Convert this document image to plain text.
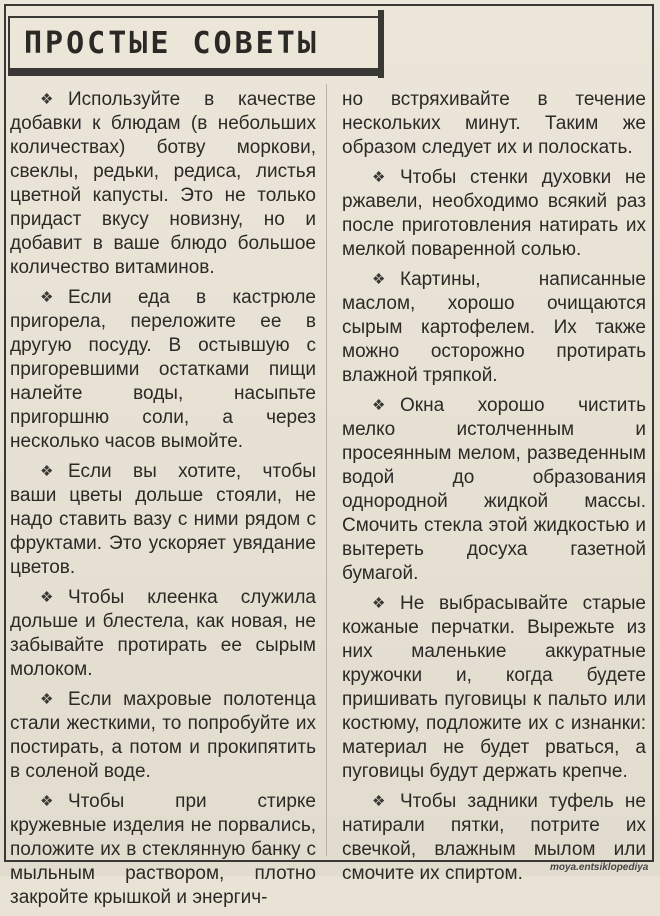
ПРОСТЫЕ СОВЕТЫ

❖ Используйте в качестве добавки к блюдам (в небольших количествах) ботву моркови, свеклы, редьки, редиса, листья цветной капусты. Это не только придаст вкусу новизну, но и добавит в ваше блюдо большое количество витаминов.

❖ Если еда в кастрюле пригорела, переложите ее в другую посуду. В остывшую с пригоревшими остатками пищи налейте воды, насыпьте пригоршню соли, а через несколько часов вымойте.

❖ Если вы хотите, чтобы ваши цветы дольше стояли, не надо ставить вазу с ними рядом с фруктами. Это ускоряет увядание цветов.

❖ Чтобы клеенка служила дольше и блестела, как новая, не забывайте протирать ее сырым молоком.

❖ Если махровые полотенца стали жесткими, то попробуйте их постирать, а потом и прокипятить в соленой воде.

❖ Чтобы при стирке кружевные изделия не порвались, положите их в стеклянную банку с мыльным раствором, плотно закройте крышкой и энергич-

но встряхивайте в течение нескольких минут. Таким же образом следует их и полоскать.

❖ Чтобы стенки духовки не ржавели, необходимо всякий раз после приготовления натирать их мелкой поваренной солью.

❖ Картины, написанные маслом, хорошо очищаются сырым картофелем. Их также можно осторожно протирать влажной тряпкой.

❖ Окна хорошо чистить мелко истолченным и просеянным мелом, разведенным водой до образования однородной жидкой массы. Смочить стекла этой жидкостью и вытереть досуха газетной бумагой.

❖ Не выбрасывайте старые кожаные перчатки. Вырежьте из них маленькие аккуратные кружочки и, когда будете пришивать пуговицы к пальто или костюму, подложите их с изнанки: материал не будет рваться, а пуговицы будут держать крепче.

❖ Чтобы задники туфель не натирали пятки, потрите их свечкой, влажным мылом или смочите их спиртом.	moya.entsiklopediya
